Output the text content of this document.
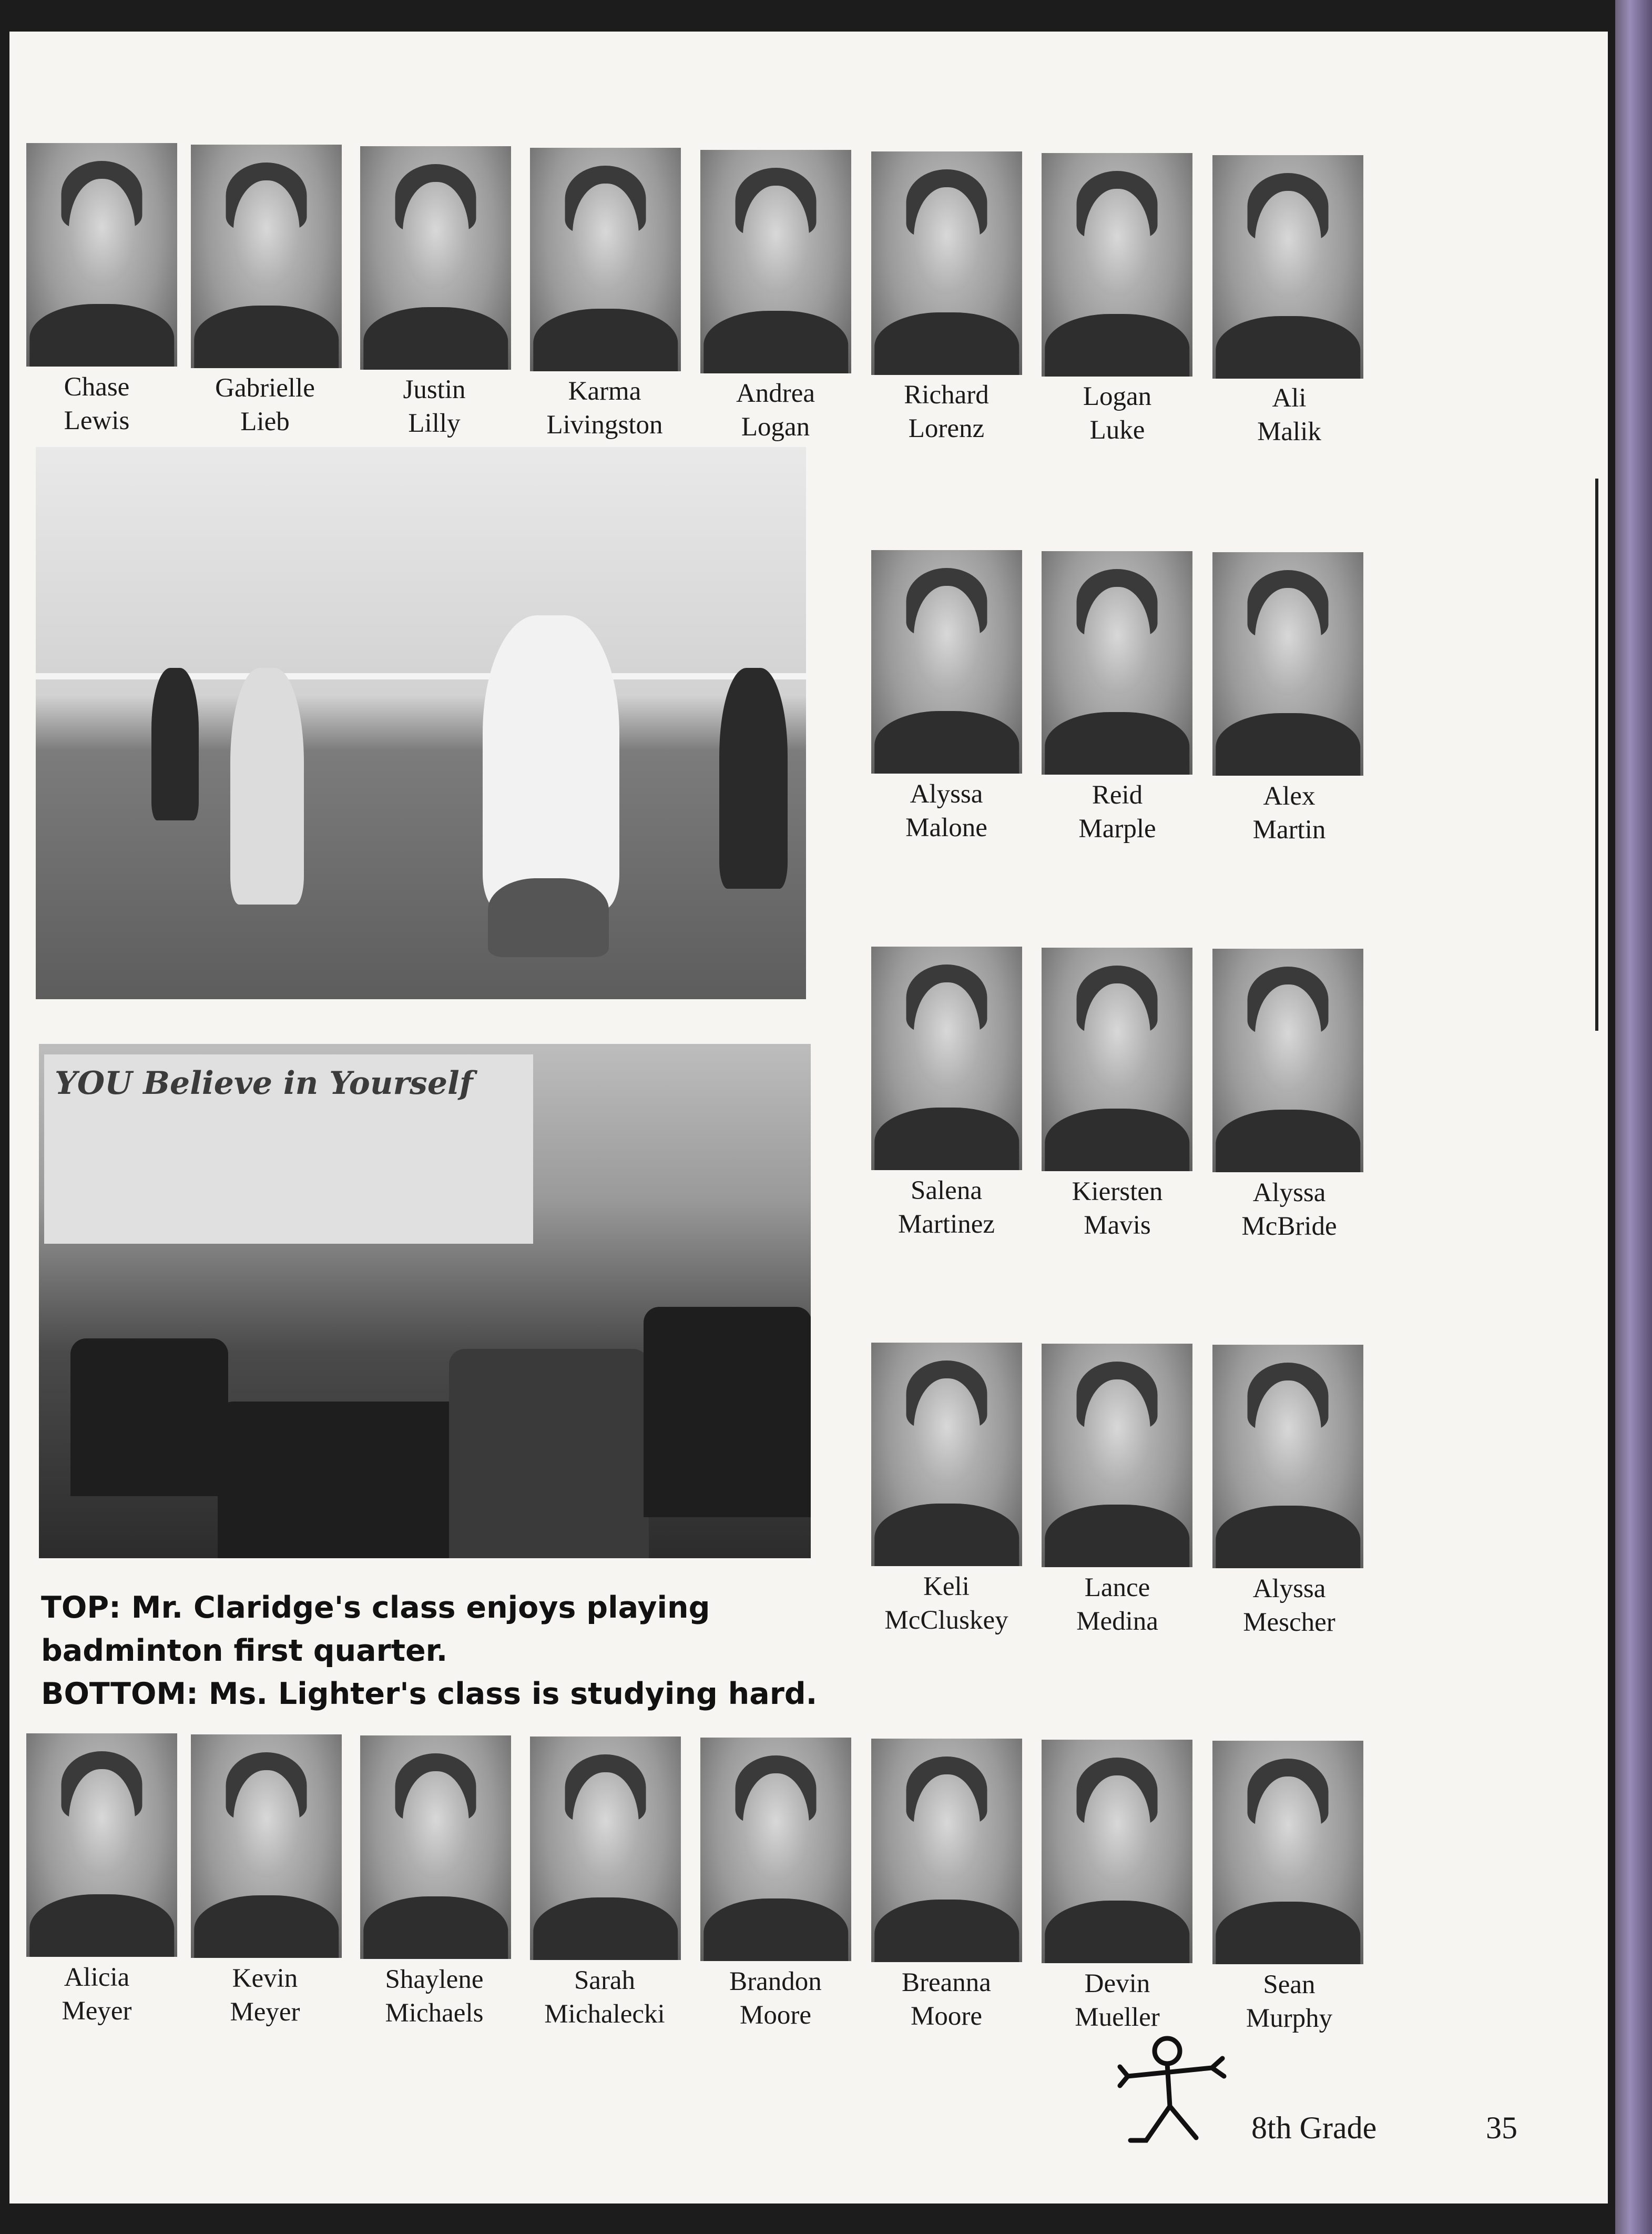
Chase
Lewis
Gabrielle
Lieb
Justin
Lilly
Karma
Livingston
Andrea
Logan
Richard
Lorenz
Logan
Luke
Ali
Malik
YOU Believe in Yourself
TOP: Mr. Claridge's class enjoys playing
badminton first quarter.
BOTTOM: Ms. Lighter's class is studying hard.
Alyssa
Malone
Reid
Marple
Alex
Martin
Salena
Martinez
Kiersten
Mavis
Alyssa
McBride
Keli
McCluskey
Lance
Medina
Alyssa
Mescher
Alicia
Meyer
Kevin
Meyer
Shaylene
Michaels
Sarah
Michalecki
Brandon
Moore
Breanna
Moore
Devin
Mueller
Sean
Murphy
8th Grade	35
